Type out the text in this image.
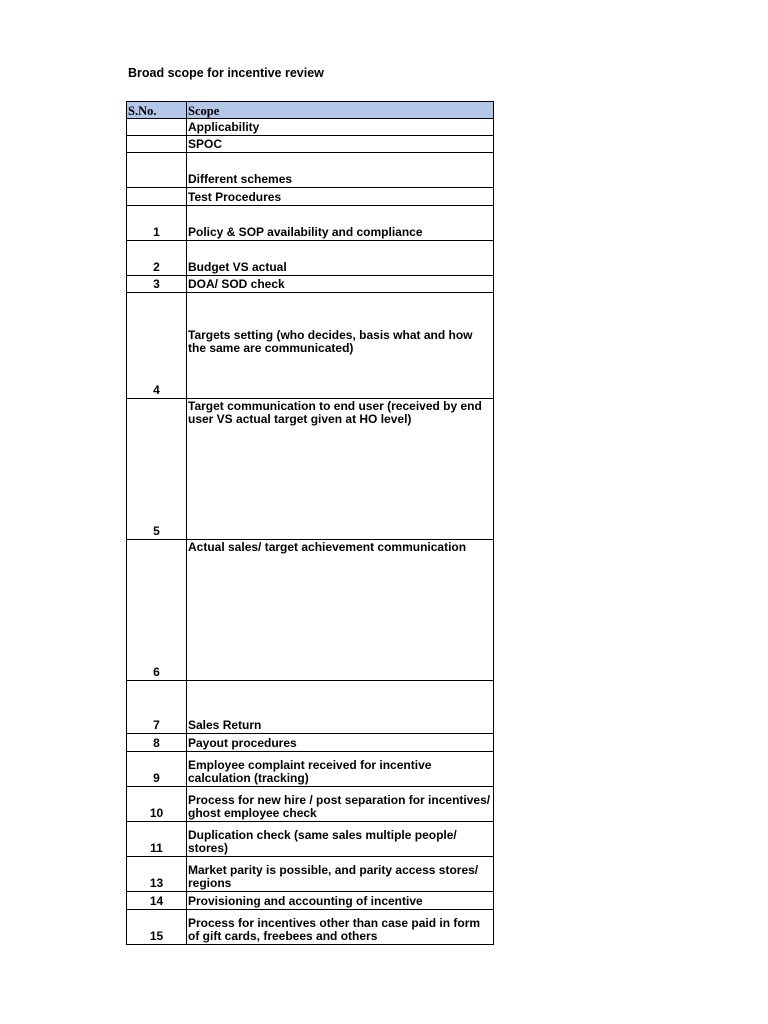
Broad scope for incentive review
S.No.	Scope
	Applicability
	SPOC
	Different schemes
	Test Procedures
1	Policy & SOP availability and compliance
2	Budget VS actual
3	DOA/ SOD check
4	Targets setting (who decides, basis what and how the same are communicated)
5	Target communication to end user (received by end user VS actual target given at HO level)
6	Actual sales/ target achievement communication
7	Sales Return
8	Payout procedures
9	Employee complaint received for incentive calculation (tracking)
10	Process for new hire / post separation for incentives/ ghost employee check
11	Duplication check (same sales multiple people/ stores)
13	Market parity is possible, and parity access stores/ regions
14	Provisioning and accounting of incentive
15	Process for incentives other than case paid in form of gift cards, freebees and others
